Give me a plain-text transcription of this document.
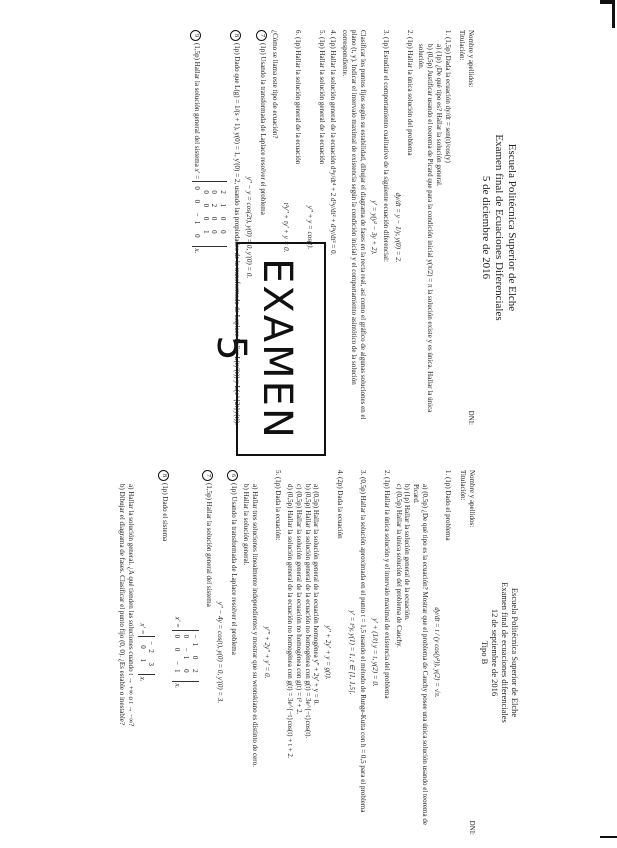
EXAMEN 5
Escuela Politécnica Superior de Elche
Examen final de Ecuaciones Diferenciales
5 de diciembre de 2016
Nombre y apellidos:
Titulación:
DNI:
1. (1,5p) Dada la ecuación dy/dt = sen(t)/cos(y)
a) (1p) ¿De qué tipo es? Hallar la solución general.
b) (0,5p) Justificar usando el teorema de Picard que para la condición inicial y(π/2) = π la solución existe y es única. Hallar la única solución.
2. (1p) Hallar la única solución del problema
dy/dt = y − 1/y, y(0) = 2.
3. (1p) Estudiar el comportamiento cualitativo de la siguiente ecuación diferencial:
y' = y(y² − 3y + 2).
Clasificar los puntos fijos según su estabilidad, dibujar el diagrama de fases en la recta real, así como el gráfico de algunas soluciones en el plano (t, y). Indicar el intervalo maximal de existencia según la condición inicial y el comportamiento asintótico de la solución correspondiente.
4. (1p) Hallar la solución general de la ecuación d⁴y/dt⁴ + 2 d²y/dt² + d²y/dt² = 0.
5. (1p) Hallar la solución general de la ecuación
y'' + y = cos(t).
6. (1p) Hallar la solución general de la ecuación
t²y'' + ty' + y = 0.
¿Cómo se llama este tipo de ecuación?
7(1p) Usando la transformada de Laplace resolver el problema
y'' − y = cos(2t), y(0) = 0, y'(0) = 0.
8(1p) Dado que L(g) = 1/(s + 1), y(0) = 1, y'(0) = 2, usando las propiedades de la transformada de Laplace hallar L(ty'(t)) y L(e^{2t}y(t)).
9(1,5p) Hallar la solución general del sistema x' =
2 1 0 0
0 2 0 0
0 0 0 1
0 0 −1 0
x.
Escuela Politécnica Superior de Elche
Examen final de ecuaciones diferenciales
12 de septiembre de 2016
Tipo B
Nombre y apellidos:
Titulación:
DNI:
1. (1p) Dado el problema
dy/dt = t / (y cos(y²)), y(2) = √π.
a) (0,5p) ¿De qué tipo es la ecuación? Mostrar que el problema de Cauchy posee una única solución usando el teorema de Picard.
b) (1p) Hallar la solución general de la ecuación.
c) (0,5p) Hallar la única solución del problema de Cauchy.
2. (1p) Hallar la única solución y el intervalo maximal de existencia del problema
y' + (1/t) y = t, y(2) = 0.
3. (0,5p) Hallar la solución aproximada en el punto t = 1,5 usando el método de Runge-Kutta con h = 0,5 para el problema
y' = t²y, y(1) = 1, t ∈ [1, 1,5].
4. (2p) Dada la ecuación
y'' + 2y' + y = g(t).
a) (0,5p) Hallar la solución general de la ecuación homogénea y'' + 2y' + y = 0.
b) (0,5p) Hallar la solución general de la ecuación no homogénea con g(t) = 3e^{−t}cos(t).
c) (0,5p) Hallar la solución general de la ecuación no homogénea con g(t) = t² + 2.
d) (0,5p) Hallar la solución general de la ecuación no homogénea con g(t) = 3e^{−t}cos(t) + t + 2.
5. (1p) Dada la ecuación:
y''' + 2y'' + y' = 0.
a) Hallar tres soluciones linealmente independientes y mostrar que su wronskiano es distinto de cero.
b) Hallar la solución general.
6(1p) Usando la transformada de Laplace resolver el problema
y'' − 4y = cos(t), y(0) = 0, y'(0) = 3.
7(1,5p) Hallar la solución general del sistema
x' =
−1 0 2
0 −1 0
0 0 −1
x.
8(1p) Dado el sistema
x' =
−2 3
0 1
x.
a) Hallar la solución general. ¿A qué tienden las soluciones cuando t → +∞ o t → −∞?
b) Dibujar el diagrama de fases. Clasificar el punto fijo (0, 0). ¿Es estable o inestable?
